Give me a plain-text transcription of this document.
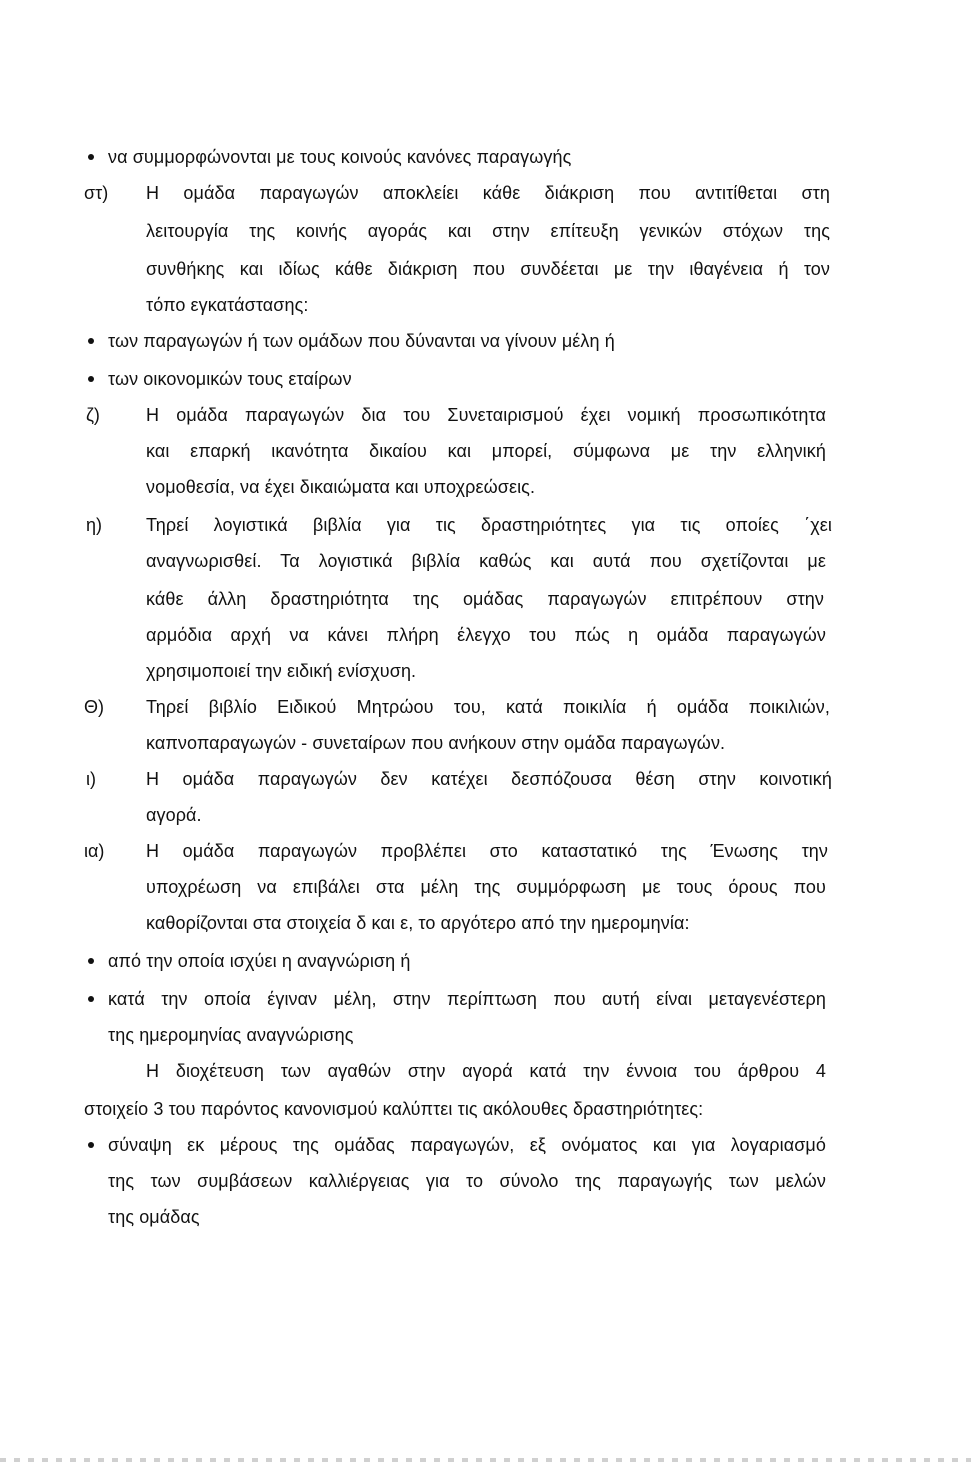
να συμμορφώνονται με τους κοινούς κανόνες παραγωγής
στ) Η ομάδα παραγωγών αποκλείει κάθε διάκριση που αντιτίθεται στη
λειτουργία της κοινής αγοράς και στην επίτευξη γενικών στόχων της
συνθήκης και ιδίως κάθε διάκριση που συνδέεται με την ιθαγένεια ή τον
τόπο εγκατάστασης:
των παραγωγών ή των ομάδων που δύνανται να γίνουν μέλη ή
των οικονομικών τους εταίρων
ζ)	Η ομάδα παραγωγών δια του Συνεταιρισμού έχει νομική προσωπικότητα
και επαρκή ικανότητα δικαίου και μπορεί, σύμφωνα με την ελληνική
νομοθεσία, να έχει δικαιώματα και υποχρεώσεις.
η) Τηρεί λογιστικά βιβλία για τις δραστηριότητες για τις οποίες ΄χει
αναγνωρισθεί. Τα λογιστικά βιβλία καθώς και αυτά που σχετίζονται με
κάθε άλλη δραστηριότητα της ομάδας παραγωγών επιτρέπουν στην
αρμόδια αρχή να κάνει πλήρη έλεγχο του πώς η ομάδα παραγωγών
χρησιμοποιεί την ειδική ενίσχυση.
Θ) Τηρεί βιβλίο Ειδικού Μητρώου του, κατά ποικιλία ή ομάδα ποικιλιών,
καπνοπαραγωγών - συνεταίρων που ανήκουν στην ομάδα παραγωγών.
ι)	Η ομάδα παραγωγών δεν κατέχει δεσπόζουσα θέση στην κοινοτική
αγορά.
ια) Η ομάδα παραγωγών προβλέπει στο καταστατικό της Ένωσης την
υποχρέωση να επιβάλει στα μέλη της συμμόρφωση με τους όρους που
καθορίζονται στα στοιχεία δ και ε, το αργότερο από την ημερομηνία:
από την οποία ισχύει η αναγνώριση ή
κατά την οποία έγιναν μέλη, στην περίπτωση που αυτή είναι μεταγενέστερη
της ημερομηνίας αναγνώρισης
Η διοχέτευση των αγαθών στην αγορά κατά την έννοια του άρθρου 4
στοιχείο 3 του παρόντος κανονισμού καλύπτει τις ακόλουθες δραστηριότητες:
σύναψη εκ μέρους της ομάδας παραγωγών, εξ ονόματος και για λογαριασμό
της των συμβάσεων καλλιέργειας για το σύνολο της παραγωγής των μελών
της ομάδας
